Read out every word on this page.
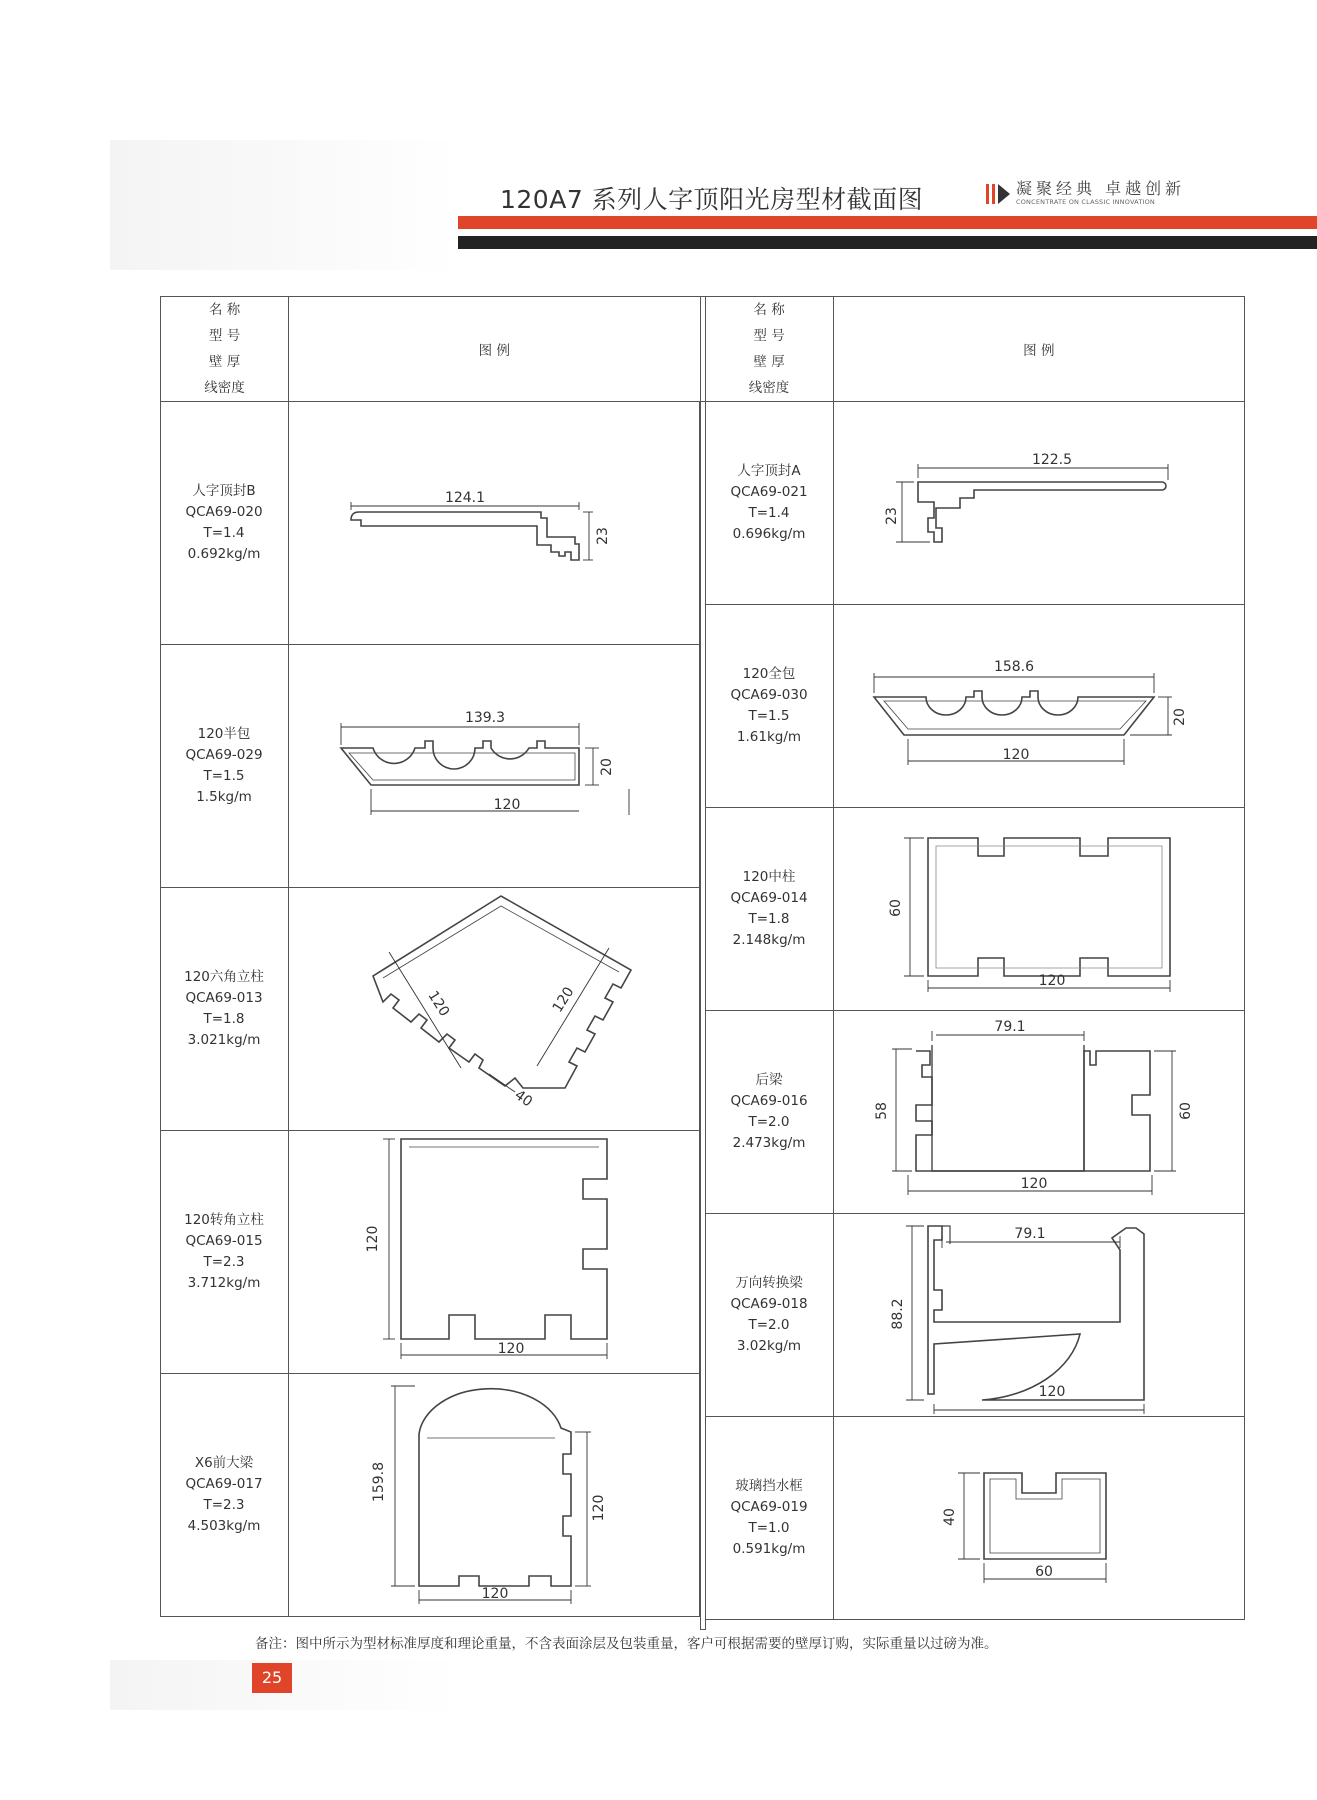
120A7 系列人字顶阳光房型材截面图	凝聚经典 卓越创新
CONCENTRATE ON CLASSIC INNOVATION
名 称
型 号
壁 厚
线密度
	图 例		
名 称
型 号
壁 厚
线密度
	图 例

人字顶封B
QCA69-020
T=1.4
0.692kg/m

124.1
23

120半包
QCA69-029
T=1.5
1.5kg/m

139.3
20
120

120六角立柱
QCA69-013
T=1.8
3.021kg/m

120	120
40

120转角立柱
QCA69-015
T=2.3
3.712kg/m

120
120

X6前大梁
QCA69-017
T=2.3
4.503kg/m

159.8
120
120

人字顶封A
QCA69-021
T=1.4
0.696kg/m

122.5
23

120全包
QCA69-030
T=1.5
1.61kg/m

158.6
20
120

120中柱
QCA69-014
T=1.8
2.148kg/m

60
120

后梁
QCA69-016
T=2.0
2.473kg/m

79.1
58	60
120

万向转换梁
QCA69-018
T=2.0
3.02kg/m

79.1
88.2
120

玻璃挡水框
QCA69-019
T=1.0
0.591kg/m

40
60
备注：图中所示为型材标准厚度和理论重量，不含表面涂层及包装重量，客户可根据需要的壁厚订购，实际重量以过磅为准。
25
